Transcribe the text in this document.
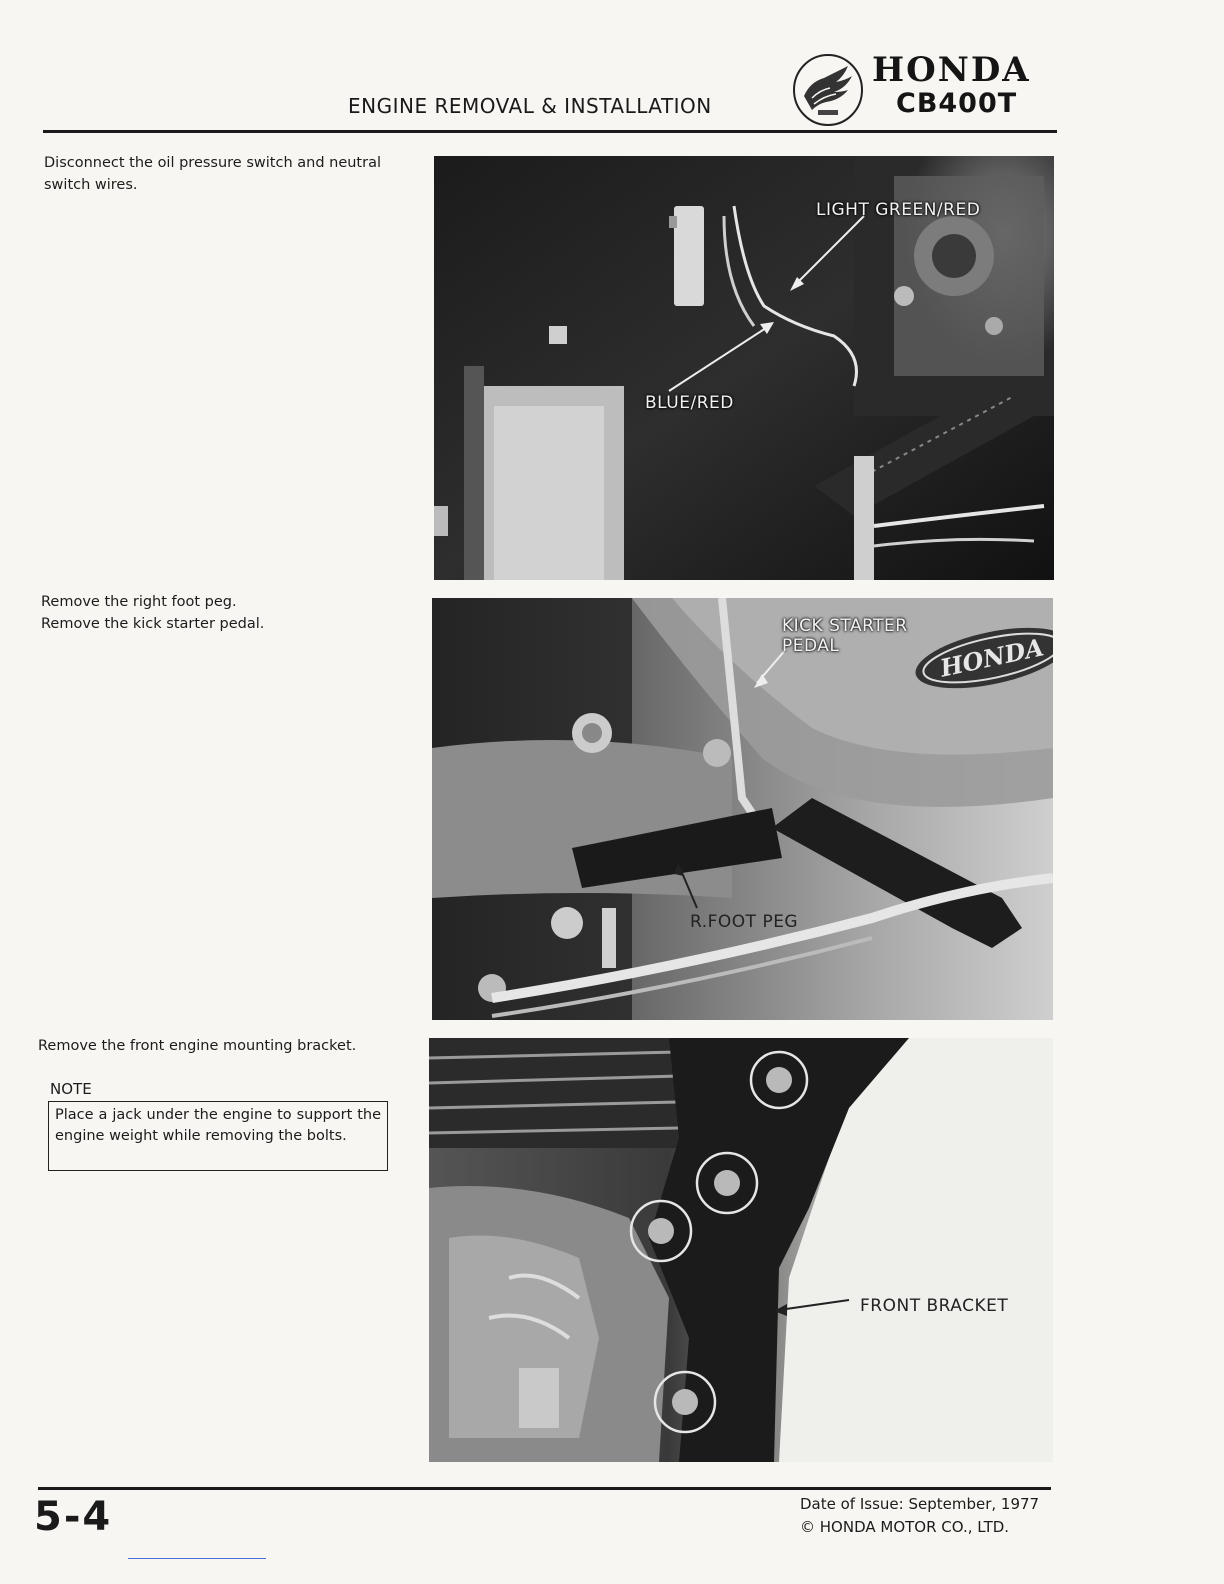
ENGINE REMOVAL & INSTALLATION
HONDA
CB400T
Disconnect the oil pressure switch and neutral
switch wires.
LIGHT GREEN/RED
BLUE/RED
Remove the right foot peg.
Remove the kick starter pedal.
HONDA
KICK STARTER
PEDAL
R.FOOT PEG
Remove the front engine mounting bracket.
NOTE
Place a jack under the engine to support the engine weight while removing the bolts.
FRONT BRACKET
5-4	Date of Issue: September, 1977
© HONDA MOTOR CO., LTD.
